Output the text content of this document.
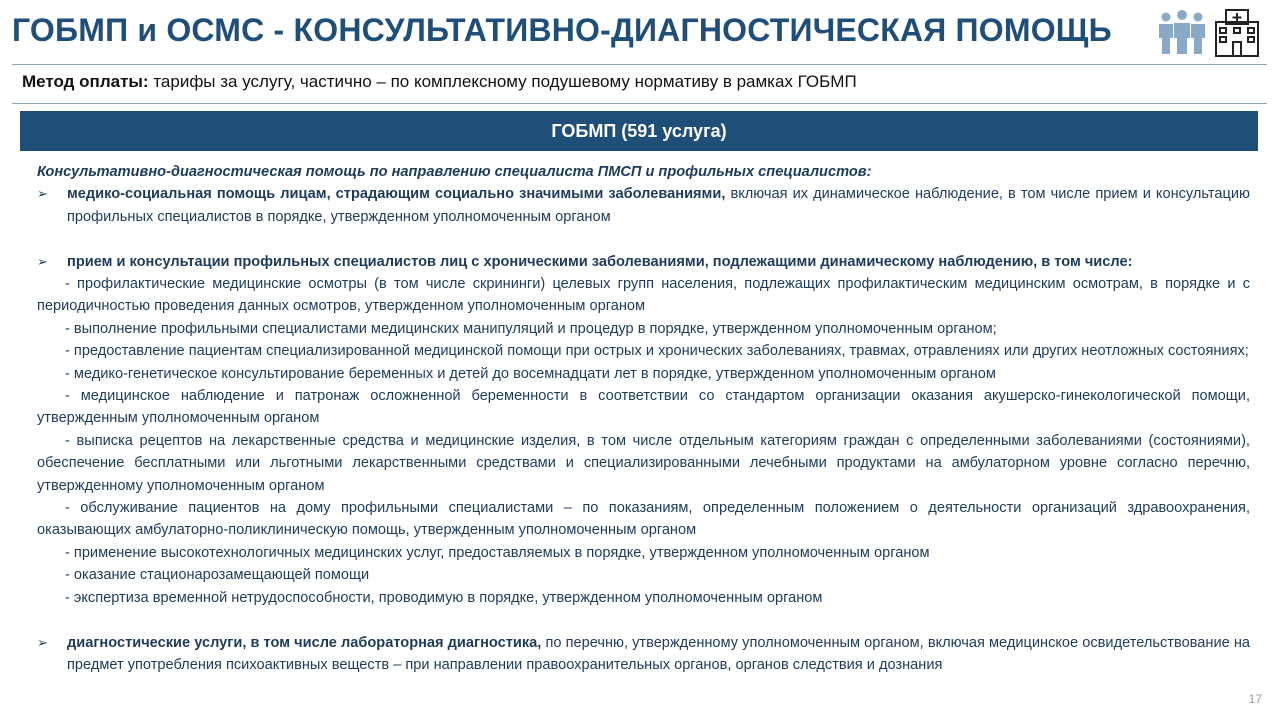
ГОБМП и ОСМС - КОНСУЛЬТАТИВНО-ДИАГНОСТИЧЕСКАЯ ПОМОЩЬ
Метод оплаты: тарифы за услугу, частично – по комплексному подушевому нормативу в рамках ГОБМП
ГОБМП (591 услуга)

Консультативно-диагностическая помощь по направлению специалиста ПМСП и профильных специалистов:

➢ медико-социальная помощь лицам, страдающим социально значимыми заболеваниями, включая их динамическое наблюдение, в том числе прием и консультацию профильных специалистов в порядке, утвержденном уполномоченным органом

➢ прием и консультации профильных специалистов лиц с хроническими заболеваниями, подлежащими динамическому наблюдению, в том числе:

- профилактические медицинские осмотры (в том числе скрининги) целевых групп населения, подлежащих профилактическим медицинским осмотрам, в порядке и с периодичностью проведения данных осмотров, утвержденном уполномоченным органом

- выполнение профильными специалистами медицинских манипуляций и процедур в порядке, утвержденном уполномоченным органом;

- предоставление пациентам специализированной медицинской помощи при острых и хронических заболеваниях, травмах, отравлениях или других неотложных состояниях;

- медико-генетическое консультирование беременных и детей до восемнадцати лет в порядке, утвержденном уполномоченным органом

- медицинское наблюдение и патронаж осложненной беременности в соответствии со стандартом организации оказания акушерско-гинекологической помощи, утвержденным уполномоченным органом

- выписка рецептов на лекарственные средства и медицинские изделия, в том числе отдельным категориям граждан с определенными заболеваниями (состояниями), обеспечение бесплатными или льготными лекарственными средствами и специализированными лечебными продуктами на амбулаторном уровне согласно перечню, утвержденному уполномоченным органом

- обслуживание пациентов на дому профильными специалистами – по показаниям, определенным положением о деятельности организаций здравоохранения, оказывающих амбулаторно-поликлиническую помощь, утвержденным уполномоченным органом

- применение высокотехнологичных медицинских услуг, предоставляемых в порядке, утвержденном уполномоченным органом

- оказание стационарозамещающей помощи

- экспертиза временной нетрудоспособности, проводимую в порядке, утвержденном уполномоченным органом

➢ диагностические услуги, в том числе лабораторная диагностика, по перечню, утвержденному уполномоченным органом, включая медицинское освидетельствование на предмет употребления психоактивных веществ – при направлении правоохранительных органов, органов следствия и дознания

17
